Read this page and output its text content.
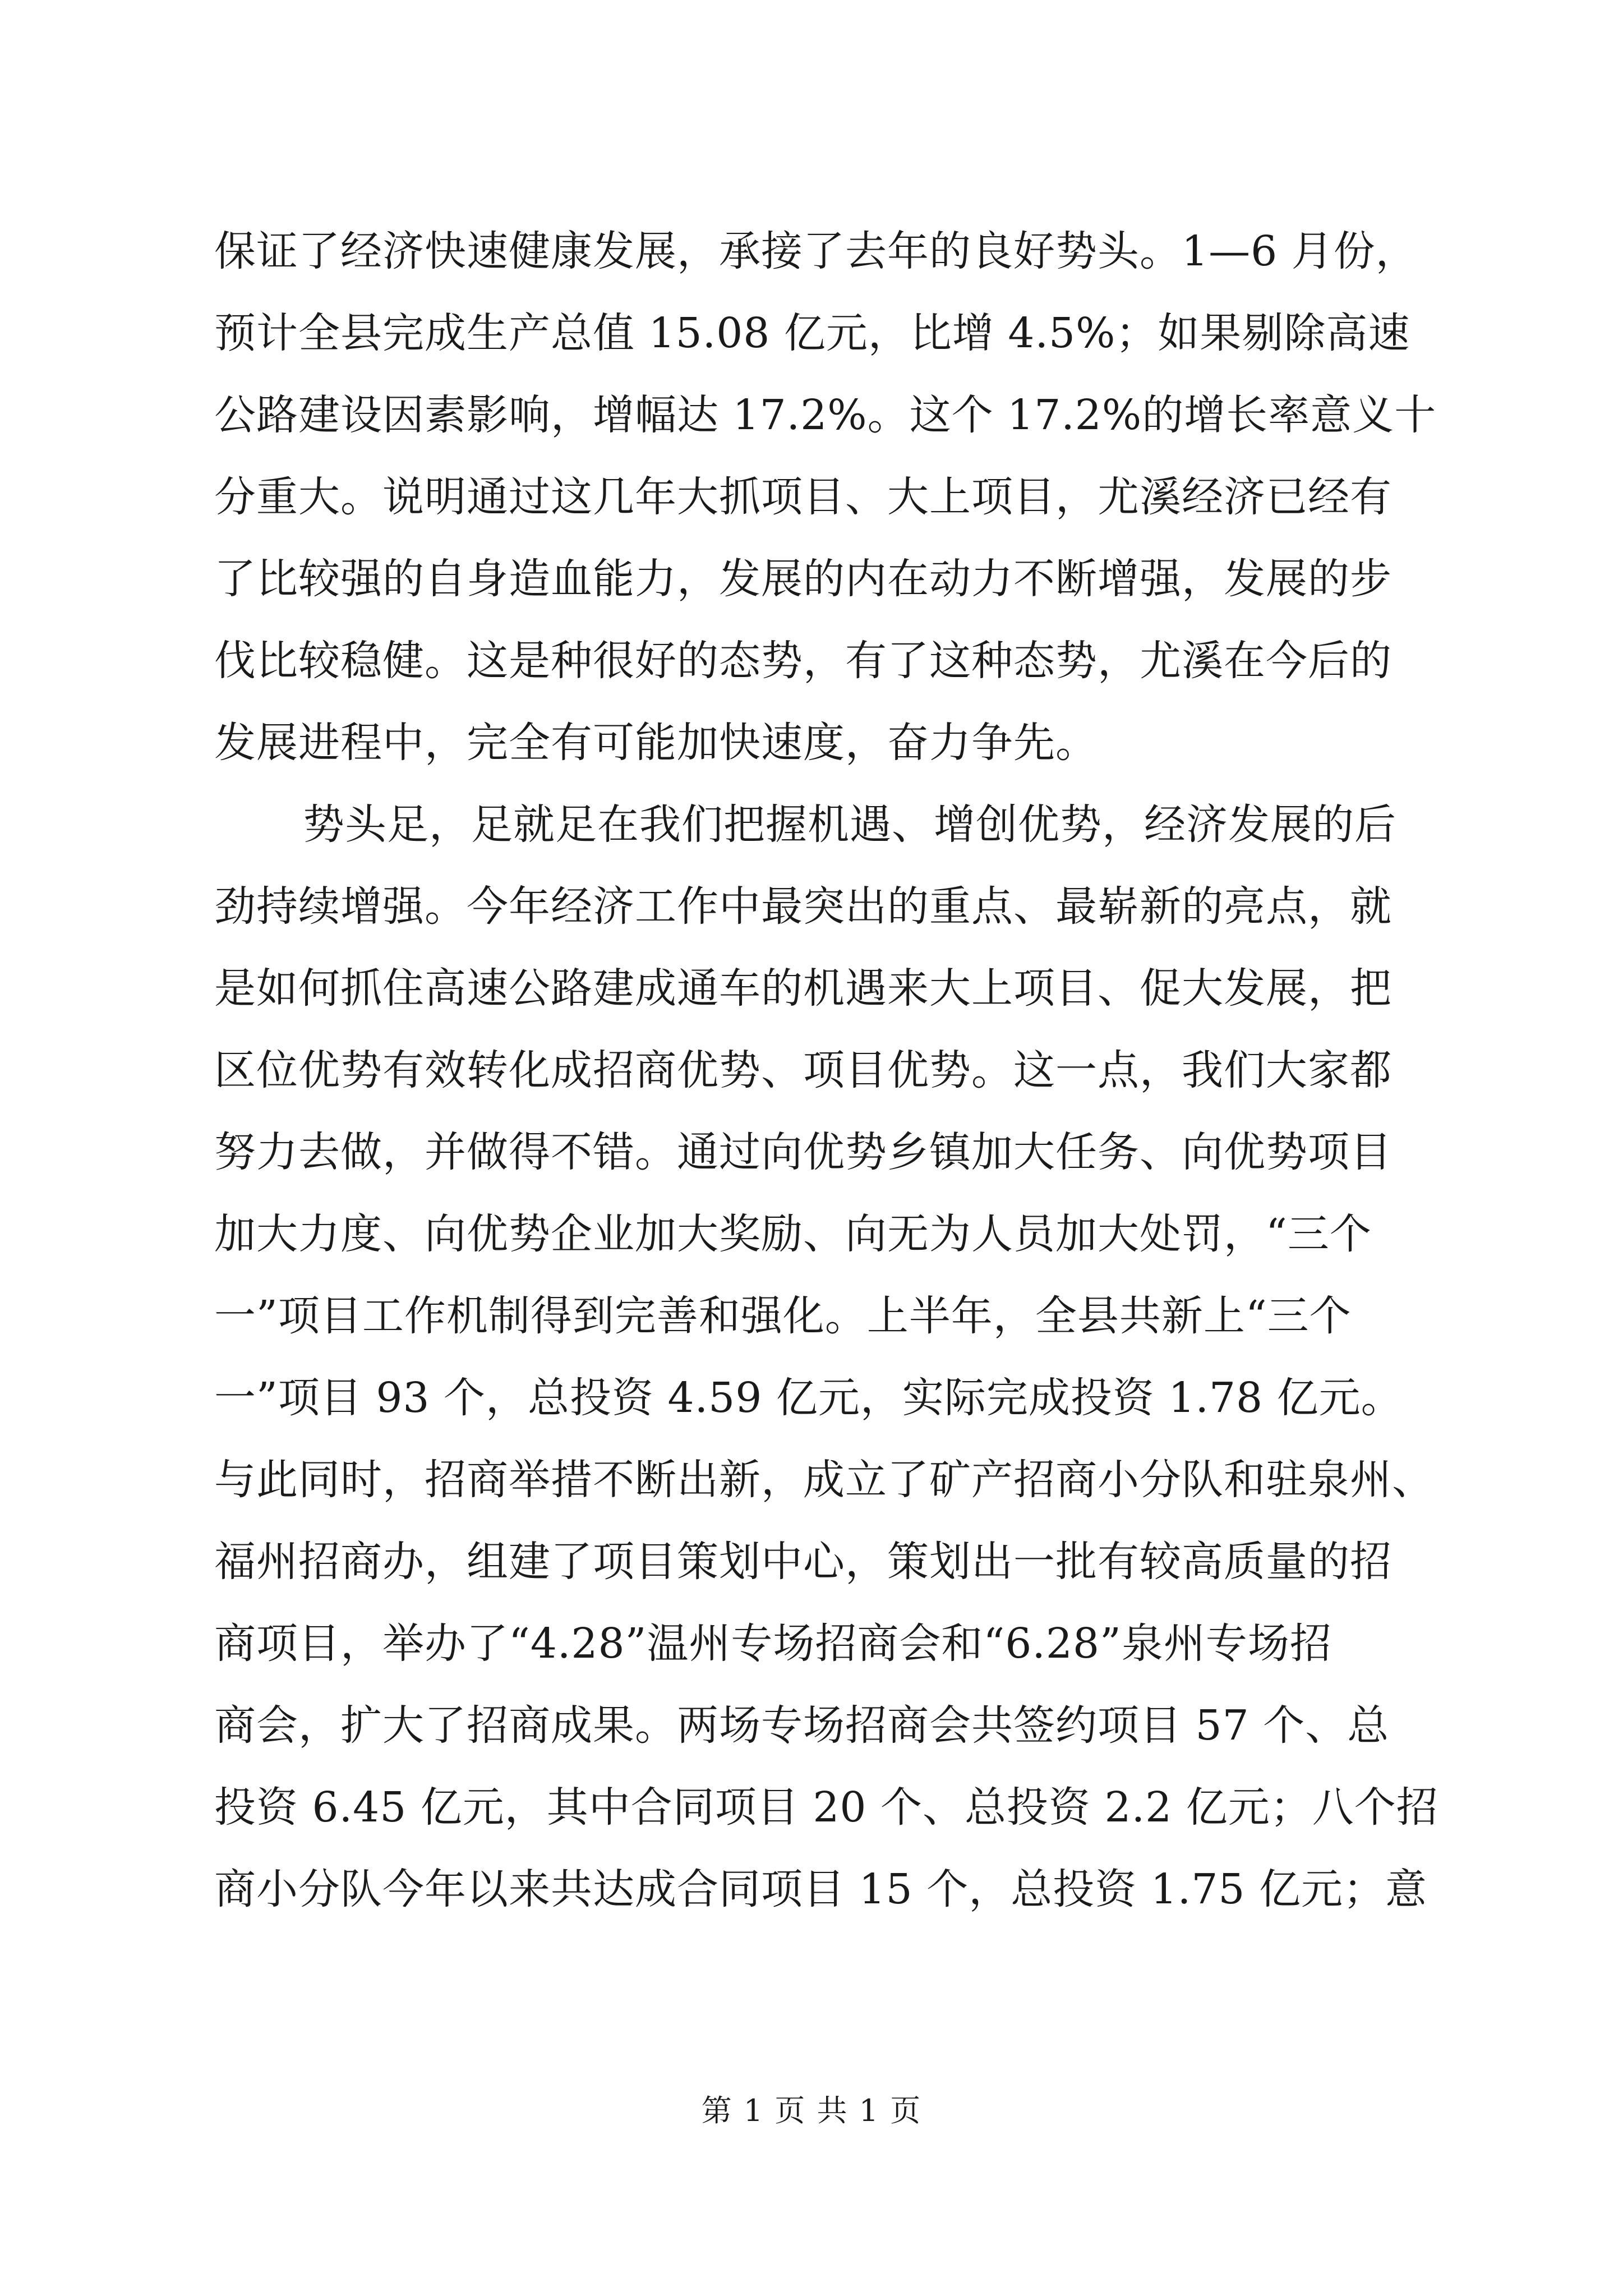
保证了经济快速健康发展，承接了去年的良好势头。1—6 月份，
预计全县完成生产总值 15.08 亿元，比增 4.5%；如果剔除高速
公路建设因素影响，增幅达 17.2%。这个 17.2%的增长率意义十
分重大。说明通过这几年大抓项目、大上项目，尤溪经济已经有
了比较强的自身造血能力，发展的内在动力不断增强，发展的步
伐比较稳健。这是种很好的态势，有了这种态势，尤溪在今后的
发展进程中，完全有可能加快速度，奋力争先。
势头足，足就足在我们把握机遇、增创优势，经济发展的后
劲持续增强。今年经济工作中最突出的重点、最崭新的亮点，就
是如何抓住高速公路建成通车的机遇来大上项目、促大发展，把
区位优势有效转化成招商优势、项目优势。这一点，我们大家都
努力去做，并做得不错。通过向优势乡镇加大任务、向优势项目
加大力度、向优势企业加大奖励、向无为人员加大处罚，“三个
一”项目工作机制得到完善和强化。上半年，全县共新上“三个
一”项目 93 个，总投资 4.59 亿元，实际完成投资 1.78 亿元。
与此同时，招商举措不断出新，成立了矿产招商小分队和驻泉州、
福州招商办，组建了项目策划中心，策划出一批有较高质量的招
商项目，举办了“4.28”温州专场招商会和“6.28”泉州专场招
商会，扩大了招商成果。两场专场招商会共签约项目 57 个、总
投资 6.45 亿元，其中合同项目 20 个、总投资 2.2 亿元；八个招
商小分队今年以来共达成合同项目 15 个，总投资 1.75 亿元；意
第 1 页 共 1 页
